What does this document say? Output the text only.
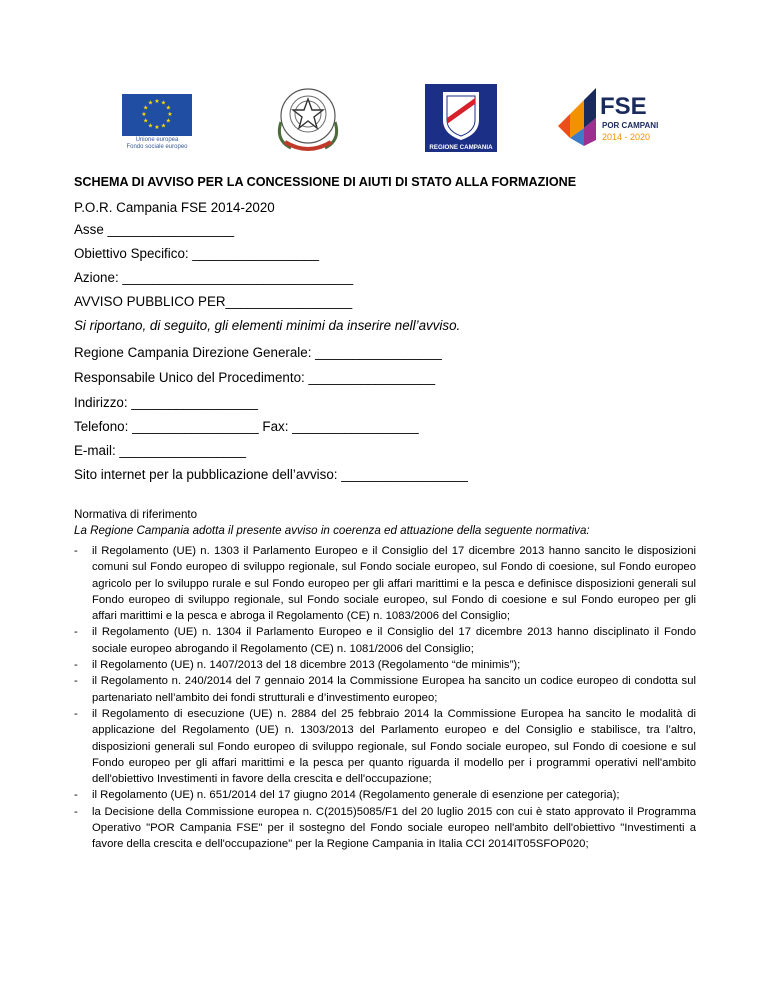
★ ★
★
★
★
★
★
★
★
★
★
★
Unione europea
Fondo sociale europeo	REGIONE CAMPANIA
FSE
POR CAMPANIA
2014 - 2020
SCHEMA DI AVVISO PER LA CONCESSIONE DI AIUTI DI STATO ALLA FORMAZIONE
P.O.R. Campania FSE 2014-2020
Asse _________________
Obiettivo Specifico: _________________
Azione: _______________________________
AVVISO PUBBLICO PER_________________
Si riportano, di seguito, gli elementi minimi da inserire nell’avviso.
Regione Campania Direzione Generale: _________________
Responsabile Unico del Procedimento: _________________
Indirizzo: _________________
Telefono: _________________ Fax: _________________
E-mail: _________________
Sito internet per la pubblicazione dell’avviso: _________________
Normativa di riferimento
La Regione Campania adotta il presente avviso in coerenza ed attuazione della seguente normativa:
- il Regolamento (UE) n. 1303 il Parlamento Europeo e il Consiglio del 17 dicembre 2013 hanno sancito le disposizioni comuni sul Fondo europeo di sviluppo regionale, sul Fondo sociale europeo, sul Fondo di coesione, sul Fondo europeo agricolo per lo sviluppo rurale e sul Fondo europeo per gli affari marittimi e la pesca e definisce disposizioni generali sul Fondo europeo di sviluppo regionale, sul Fondo sociale europeo, sul Fondo di coesione e sul Fondo europeo per gli affari marittimi e la pesca e abroga il Regolamento (CE) n. 1083/2006 del Consiglio;
- il Regolamento (UE) n. 1304 il Parlamento Europeo e il Consiglio del 17 dicembre 2013 hanno disciplinato il Fondo sociale europeo abrogando il Regolamento (CE) n. 1081/2006 del Consiglio;
- il Regolamento (UE) n. 1407/2013 del 18 dicembre 2013 (Regolamento “de minimis”);
- il Regolamento n. 240/2014 del 7 gennaio 2014 la Commissione Europea ha sancito un codice europeo di condotta sul partenariato nell’ambito dei fondi strutturali e d’investimento europeo;
- il Regolamento di esecuzione (UE) n. 2884 del 25 febbraio 2014 la Commissione Europea ha sancito le modalità di applicazione del Regolamento (UE) n. 1303/2013 del Parlamento europeo e del Consiglio e stabilisce, tra l’altro, disposizioni generali sul Fondo europeo di sviluppo regionale, sul Fondo sociale europeo, sul Fondo di coesione e sul Fondo europeo per gli affari marittimi e la pesca per quanto riguarda il modello per i programmi operativi nell'ambito dell'obiettivo Investimenti in favore della crescita e dell'occupazione;
- il Regolamento (UE) n. 651/2014 del 17 giugno 2014 (Regolamento generale di esenzione per categoria);
- la Decisione della Commissione europea n. C(2015)5085/F1 del 20 luglio 2015 con cui è stato approvato il Programma Operativo "POR Campania FSE" per il sostegno del Fondo sociale europeo nell'ambito dell'obiettivo "Investimenti a favore della crescita e dell'occupazione" per la Regione Campania in Italia CCI 2014IT05SFOP020;
